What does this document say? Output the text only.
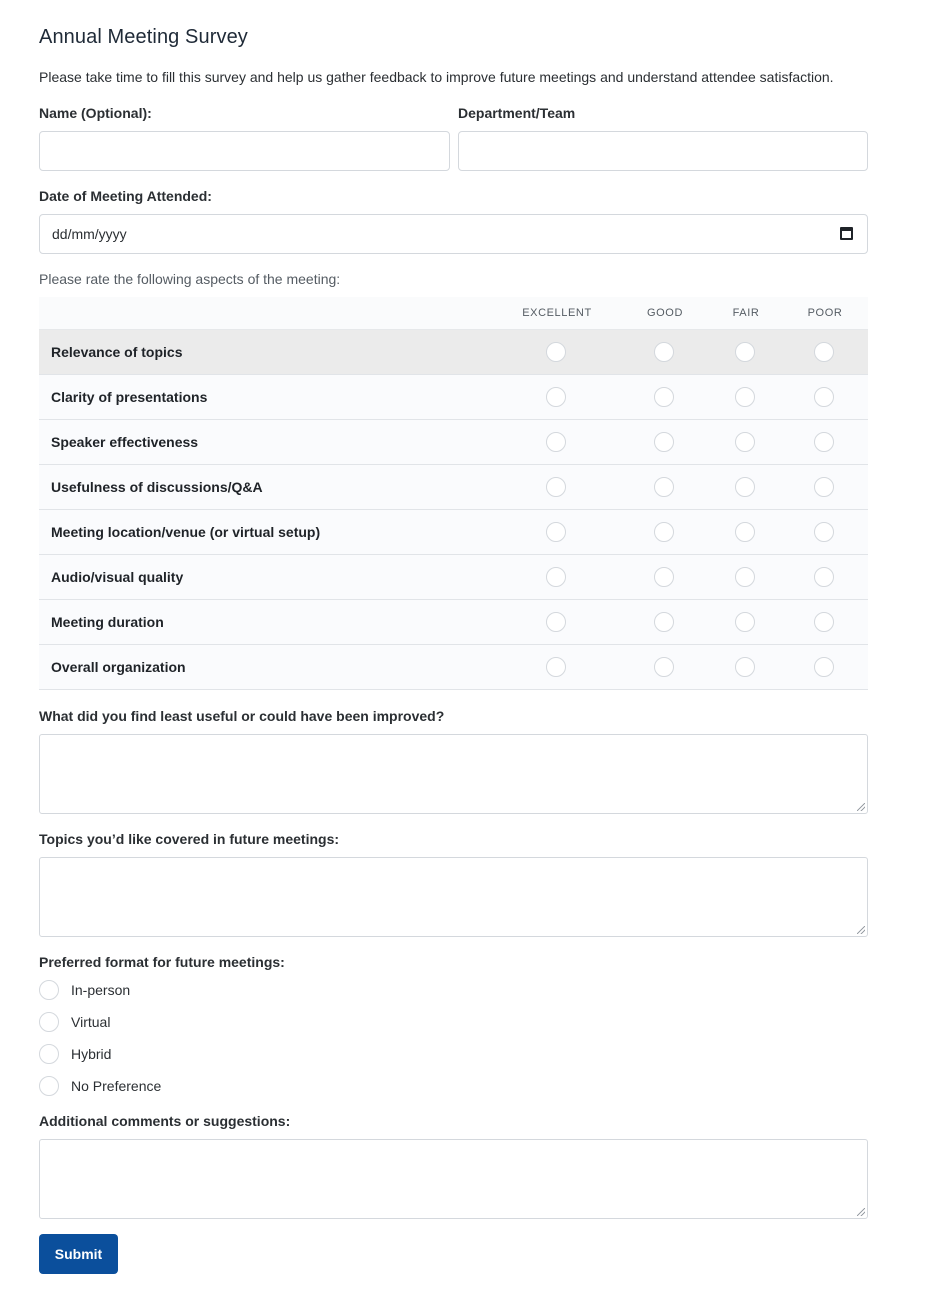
Annual Meeting Survey
Please take time to fill this survey and help us gather feedback to improve future meetings and understand attendee satisfaction.
Name (Optional):	Department/Team
Date of Meeting Attended:
dd/mm/yyyy
Please rate the following aspects of the meeting:
EXCELLENT	GOOD	FAIR	POOR
Relevance of topics
Clarity of presentations
Speaker effectiveness
Usefulness of discussions/Q&A
Meeting location/venue (or virtual setup)
Audio/visual quality
Meeting duration
Overall organization
What did you find least useful or could have been improved?
Topics you’d like covered in future meetings:
Preferred format for future meetings:
In-person
Virtual
Hybrid
No Preference
Additional comments or suggestions:
Submit
